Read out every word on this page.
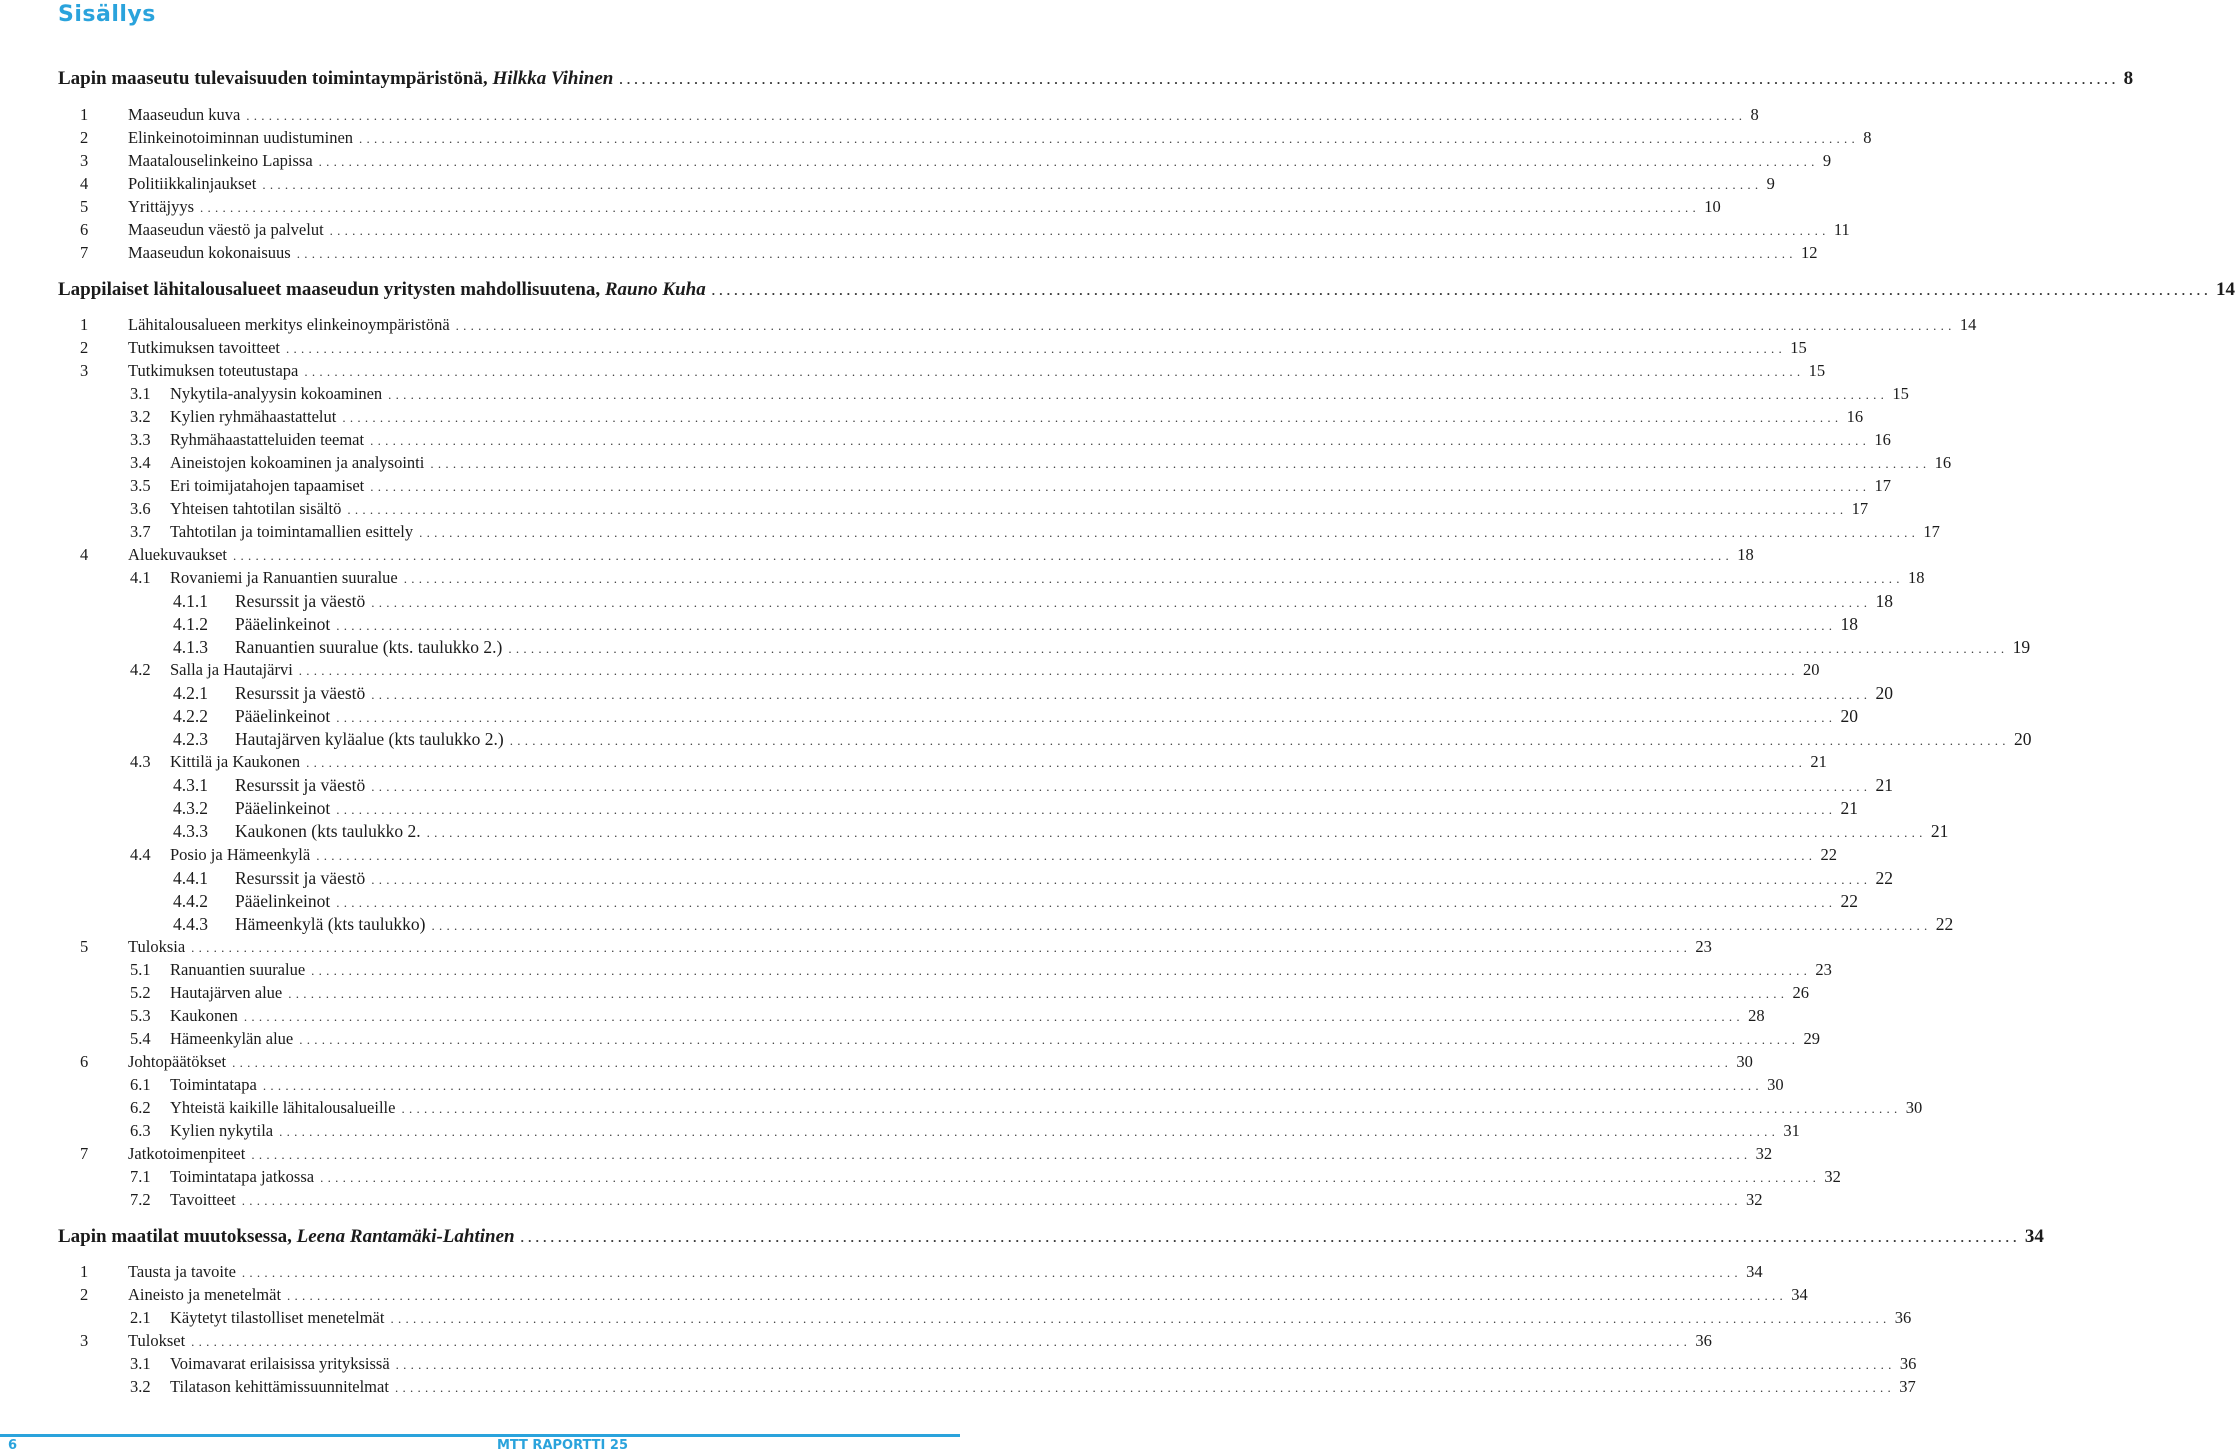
Sisällys
Lapin maaseutu tulevaisuuden toimintaympäristönä, Hilkka Vihinen . . . . . . . . . . . . . . . . . . . . . . . . . . . . . . . . . . . . . . . . . . . . . . . . . . . . . . . . . . . . . . . . . . . . . . . . . . . . . . . . . . . . . . . . . . . . . . . . . . . . . . . . . . . . . . . . . . . . . . . . . . . . . . . . . . . . . . . . . . . . . . . . . . . . . . . . . . . . . . . . . . . . . . . . . . . . . . . . . . . . . . . . . . . . . . . . . . . . . . . . 8
1	Maaseudun kuva . . . . . . . . . . . . . . . . . . . . . . . . . . . . . . . . . . . . . . . . . . . . . . . . . . . . . . . . . . . . . . . . . . . . . . . . . . . . . . . . . . . . . . . . . . . . . . . . . . . . . . . . . . . . . . . . . . . . . . . . . . . . . . . . . . . . . . . . . . . . . . . . . . . . . . . . . . . . . . . . . . . . . . . . . . . . . . . . . . . . . . . . . . . . . . . . . . . . . . . . 8
2	Elinkeinotoiminnan uudistuminen . . . . . . . . . . . . . . . . . . . . . . . . . . . . . . . . . . . . . . . . . . . . . . . . . . . . . . . . . . . . . . . . . . . . . . . . . . . . . . . . . . . . . . . . . . . . . . . . . . . . . . . . . . . . . . . . . . . . . . . . . . . . . . . . . . . . . . . . . . . . . . . . . . . . . . . . . . . . . . . . . . . . . . . . . . . . . . . . . . . . . . . . . . . . . . . . . . . . . . . . 8
3	Maatalouselinkeino Lapissa . . . . . . . . . . . . . . . . . . . . . . . . . . . . . . . . . . . . . . . . . . . . . . . . . . . . . . . . . . . . . . . . . . . . . . . . . . . . . . . . . . . . . . . . . . . . . . . . . . . . . . . . . . . . . . . . . . . . . . . . . . . . . . . . . . . . . . . . . . . . . . . . . . . . . . . . . . . . . . . . . . . . . . . . . . . . . . . . . . . . . . . . . . . . . . . . . . . . . . . . 9
4	Politiikkalinjaukset . . . . . . . . . . . . . . . . . . . . . . . . . . . . . . . . . . . . . . . . . . . . . . . . . . . . . . . . . . . . . . . . . . . . . . . . . . . . . . . . . . . . . . . . . . . . . . . . . . . . . . . . . . . . . . . . . . . . . . . . . . . . . . . . . . . . . . . . . . . . . . . . . . . . . . . . . . . . . . . . . . . . . . . . . . . . . . . . . . . . . . . . . . . . . . . . . . . . . . . . 9
5	Yrittäjyys . . . . . . . . . . . . . . . . . . . . . . . . . . . . . . . . . . . . . . . . . . . . . . . . . . . . . . . . . . . . . . . . . . . . . . . . . . . . . . . . . . . . . . . . . . . . . . . . . . . . . . . . . . . . . . . . . . . . . . . . . . . . . . . . . . . . . . . . . . . . . . . . . . . . . . . . . . . . . . . . . . . . . . . . . . . . . . . . . . . . . . . . . . . . . . . . . . . . . . . . 10
6	Maaseudun väestö ja palvelut . . . . . . . . . . . . . . . . . . . . . . . . . . . . . . . . . . . . . . . . . . . . . . . . . . . . . . . . . . . . . . . . . . . . . . . . . . . . . . . . . . . . . . . . . . . . . . . . . . . . . . . . . . . . . . . . . . . . . . . . . . . . . . . . . . . . . . . . . . . . . . . . . . . . . . . . . . . . . . . . . . . . . . . . . . . . . . . . . . . . . . . . . . . . . . . . . . . . . . . . 11
7	Maaseudun kokonaisuus . . . . . . . . . . . . . . . . . . . . . . . . . . . . . . . . . . . . . . . . . . . . . . . . . . . . . . . . . . . . . . . . . . . . . . . . . . . . . . . . . . . . . . . . . . . . . . . . . . . . . . . . . . . . . . . . . . . . . . . . . . . . . . . . . . . . . . . . . . . . . . . . . . . . . . . . . . . . . . . . . . . . . . . . . . . . . . . . . . . . . . . . . . . . . . . . . . . . . . . . 12
Lappilaiset lähitalousalueet maaseudun yritysten mahdollisuutena, Rauno Kuha . . . . . . . . . . . . . . . . . . . . . . . . . . . . . . . . . . . . . . . . . . . . . . . . . . . . . . . . . . . . . . . . . . . . . . . . . . . . . . . . . . . . . . . . . . . . . . . . . . . . . . . . . . . . . . . . . . . . . . . . . . . . . . . . . . . . . . . . . . . . . . . . . . . . . . . . . . . . . . . . . . . . . . . . . . . . . . . . . . . . . . . . . . . . . . . . . . . . . . . . 14
1	Lähitalousalueen merkitys elinkeinoympäristönä . . . . . . . . . . . . . . . . . . . . . . . . . . . . . . . . . . . . . . . . . . . . . . . . . . . . . . . . . . . . . . . . . . . . . . . . . . . . . . . . . . . . . . . . . . . . . . . . . . . . . . . . . . . . . . . . . . . . . . . . . . . . . . . . . . . . . . . . . . . . . . . . . . . . . . . . . . . . . . . . . . . . . . . . . . . . . . . . . . . . . . . . . . . . . . . . . . . . . . . . 14
2	Tutkimuksen tavoitteet . . . . . . . . . . . . . . . . . . . . . . . . . . . . . . . . . . . . . . . . . . . . . . . . . . . . . . . . . . . . . . . . . . . . . . . . . . . . . . . . . . . . . . . . . . . . . . . . . . . . . . . . . . . . . . . . . . . . . . . . . . . . . . . . . . . . . . . . . . . . . . . . . . . . . . . . . . . . . . . . . . . . . . . . . . . . . . . . . . . . . . . . . . . . . . . . . . . . . . . . 15
3	Tutkimuksen toteutustapa . . . . . . . . . . . . . . . . . . . . . . . . . . . . . . . . . . . . . . . . . . . . . . . . . . . . . . . . . . . . . . . . . . . . . . . . . . . . . . . . . . . . . . . . . . . . . . . . . . . . . . . . . . . . . . . . . . . . . . . . . . . . . . . . . . . . . . . . . . . . . . . . . . . . . . . . . . . . . . . . . . . . . . . . . . . . . . . . . . . . . . . . . . . . . . . . . . . . . . . . 15
3.1	Nykytila-analyysin kokoaminen . . . . . . . . . . . . . . . . . . . . . . . . . . . . . . . . . . . . . . . . . . . . . . . . . . . . . . . . . . . . . . . . . . . . . . . . . . . . . . . . . . . . . . . . . . . . . . . . . . . . . . . . . . . . . . . . . . . . . . . . . . . . . . . . . . . . . . . . . . . . . . . . . . . . . . . . . . . . . . . . . . . . . . . . . . . . . . . . . . . . . . . . . . . . . . . . . . . . . . . . 15
3.2	Kylien ryhmähaastattelut . . . . . . . . . . . . . . . . . . . . . . . . . . . . . . . . . . . . . . . . . . . . . . . . . . . . . . . . . . . . . . . . . . . . . . . . . . . . . . . . . . . . . . . . . . . . . . . . . . . . . . . . . . . . . . . . . . . . . . . . . . . . . . . . . . . . . . . . . . . . . . . . . . . . . . . . . . . . . . . . . . . . . . . . . . . . . . . . . . . . . . . . . . . . . . . . . . . . . . . . 16
3.3	Ryhmähaastatteluiden teemat . . . . . . . . . . . . . . . . . . . . . . . . . . . . . . . . . . . . . . . . . . . . . . . . . . . . . . . . . . . . . . . . . . . . . . . . . . . . . . . . . . . . . . . . . . . . . . . . . . . . . . . . . . . . . . . . . . . . . . . . . . . . . . . . . . . . . . . . . . . . . . . . . . . . . . . . . . . . . . . . . . . . . . . . . . . . . . . . . . . . . . . . . . . . . . . . . . . . . . . . 16
3.4	Aineistojen kokoaminen ja analysointi . . . . . . . . . . . . . . . . . . . . . . . . . . . . . . . . . . . . . . . . . . . . . . . . . . . . . . . . . . . . . . . . . . . . . . . . . . . . . . . . . . . . . . . . . . . . . . . . . . . . . . . . . . . . . . . . . . . . . . . . . . . . . . . . . . . . . . . . . . . . . . . . . . . . . . . . . . . . . . . . . . . . . . . . . . . . . . . . . . . . . . . . . . . . . . . . . . . . . . . . 16
3.5	Eri toimijatahojen tapaamiset . . . . . . . . . . . . . . . . . . . . . . . . . . . . . . . . . . . . . . . . . . . . . . . . . . . . . . . . . . . . . . . . . . . . . . . . . . . . . . . . . . . . . . . . . . . . . . . . . . . . . . . . . . . . . . . . . . . . . . . . . . . . . . . . . . . . . . . . . . . . . . . . . . . . . . . . . . . . . . . . . . . . . . . . . . . . . . . . . . . . . . . . . . . . . . . . . . . . . . . . 17
3.6	Yhteisen tahtotilan sisältö . . . . . . . . . . . . . . . . . . . . . . . . . . . . . . . . . . . . . . . . . . . . . . . . . . . . . . . . . . . . . . . . . . . . . . . . . . . . . . . . . . . . . . . . . . . . . . . . . . . . . . . . . . . . . . . . . . . . . . . . . . . . . . . . . . . . . . . . . . . . . . . . . . . . . . . . . . . . . . . . . . . . . . . . . . . . . . . . . . . . . . . . . . . . . . . . . . . . . . . . 17
3.7	Tahtotilan ja toimintamallien esittely . . . . . . . . . . . . . . . . . . . . . . . . . . . . . . . . . . . . . . . . . . . . . . . . . . . . . . . . . . . . . . . . . . . . . . . . . . . . . . . . . . . . . . . . . . . . . . . . . . . . . . . . . . . . . . . . . . . . . . . . . . . . . . . . . . . . . . . . . . . . . . . . . . . . . . . . . . . . . . . . . . . . . . . . . . . . . . . . . . . . . . . . . . . . . . . . . . . . . . . . 17
4	Aluekuvaukset . . . . . . . . . . . . . . . . . . . . . . . . . . . . . . . . . . . . . . . . . . . . . . . . . . . . . . . . . . . . . . . . . . . . . . . . . . . . . . . . . . . . . . . . . . . . . . . . . . . . . . . . . . . . . . . . . . . . . . . . . . . . . . . . . . . . . . . . . . . . . . . . . . . . . . . . . . . . . . . . . . . . . . . . . . . . . . . . . . . . . . . . . . . . . . . . . . . . . . . . 18
4.1	Rovaniemi ja Ranuantien suuralue . . . . . . . . . . . . . . . . . . . . . . . . . . . . . . . . . . . . . . . . . . . . . . . . . . . . . . . . . . . . . . . . . . . . . . . . . . . . . . . . . . . . . . . . . . . . . . . . . . . . . . . . . . . . . . . . . . . . . . . . . . . . . . . . . . . . . . . . . . . . . . . . . . . . . . . . . . . . . . . . . . . . . . . . . . . . . . . . . . . . . . . . . . . . . . . . . . . . . . . . 18
4.1.1	Resurssit ja väestö . . . . . . . . . . . . . . . . . . . . . . . . . . . . . . . . . . . . . . . . . . . . . . . . . . . . . . . . . . . . . . . . . . . . . . . . . . . . . . . . . . . . . . . . . . . . . . . . . . . . . . . . . . . . . . . . . . . . . . . . . . . . . . . . . . . . . . . . . . . . . . . . . . . . . . . . . . . . . . . . . . . . . . . . . . . . . . . . . . . . . . . . . . . . . . . . . . . . . . . . 18
4.1.2	Pääelinkeinot . . . . . . . . . . . . . . . . . . . . . . . . . . . . . . . . . . . . . . . . . . . . . . . . . . . . . . . . . . . . . . . . . . . . . . . . . . . . . . . . . . . . . . . . . . . . . . . . . . . . . . . . . . . . . . . . . . . . . . . . . . . . . . . . . . . . . . . . . . . . . . . . . . . . . . . . . . . . . . . . . . . . . . . . . . . . . . . . . . . . . . . . . . . . . . . . . . . . . . . . 18
4.1.3	Ranuantien suuralue (kts. taulukko 2.) . . . . . . . . . . . . . . . . . . . . . . . . . . . . . . . . . . . . . . . . . . . . . . . . . . . . . . . . . . . . . . . . . . . . . . . . . . . . . . . . . . . . . . . . . . . . . . . . . . . . . . . . . . . . . . . . . . . . . . . . . . . . . . . . . . . . . . . . . . . . . . . . . . . . . . . . . . . . . . . . . . . . . . . . . . . . . . . . . . . . . . . . . . . . . . . . . . . . . . . . 19
4.2	Salla ja Hautajärvi . . . . . . . . . . . . . . . . . . . . . . . . . . . . . . . . . . . . . . . . . . . . . . . . . . . . . . . . . . . . . . . . . . . . . . . . . . . . . . . . . . . . . . . . . . . . . . . . . . . . . . . . . . . . . . . . . . . . . . . . . . . . . . . . . . . . . . . . . . . . . . . . . . . . . . . . . . . . . . . . . . . . . . . . . . . . . . . . . . . . . . . . . . . . . . . . . . . . . . . . 20
4.2.1	Resurssit ja väestö . . . . . . . . . . . . . . . . . . . . . . . . . . . . . . . . . . . . . . . . . . . . . . . . . . . . . . . . . . . . . . . . . . . . . . . . . . . . . . . . . . . . . . . . . . . . . . . . . . . . . . . . . . . . . . . . . . . . . . . . . . . . . . . . . . . . . . . . . . . . . . . . . . . . . . . . . . . . . . . . . . . . . . . . . . . . . . . . . . . . . . . . . . . . . . . . . . . . . . . . 20
4.2.2	Pääelinkeinot . . . . . . . . . . . . . . . . . . . . . . . . . . . . . . . . . . . . . . . . . . . . . . . . . . . . . . . . . . . . . . . . . . . . . . . . . . . . . . . . . . . . . . . . . . . . . . . . . . . . . . . . . . . . . . . . . . . . . . . . . . . . . . . . . . . . . . . . . . . . . . . . . . . . . . . . . . . . . . . . . . . . . . . . . . . . . . . . . . . . . . . . . . . . . . . . . . . . . . . . 20
4.2.3	Hautajärven kyläalue (kts taulukko 2.) . . . . . . . . . . . . . . . . . . . . . . . . . . . . . . . . . . . . . . . . . . . . . . . . . . . . . . . . . . . . . . . . . . . . . . . . . . . . . . . . . . . . . . . . . . . . . . . . . . . . . . . . . . . . . . . . . . . . . . . . . . . . . . . . . . . . . . . . . . . . . . . . . . . . . . . . . . . . . . . . . . . . . . . . . . . . . . . . . . . . . . . . . . . . . . . . . . . . . . . . 20
4.3	Kittilä ja Kaukonen . . . . . . . . . . . . . . . . . . . . . . . . . . . . . . . . . . . . . . . . . . . . . . . . . . . . . . . . . . . . . . . . . . . . . . . . . . . . . . . . . . . . . . . . . . . . . . . . . . . . . . . . . . . . . . . . . . . . . . . . . . . . . . . . . . . . . . . . . . . . . . . . . . . . . . . . . . . . . . . . . . . . . . . . . . . . . . . . . . . . . . . . . . . . . . . . . . . . . . . . 21
4.3.1	Resurssit ja väestö . . . . . . . . . . . . . . . . . . . . . . . . . . . . . . . . . . . . . . . . . . . . . . . . . . . . . . . . . . . . . . . . . . . . . . . . . . . . . . . . . . . . . . . . . . . . . . . . . . . . . . . . . . . . . . . . . . . . . . . . . . . . . . . . . . . . . . . . . . . . . . . . . . . . . . . . . . . . . . . . . . . . . . . . . . . . . . . . . . . . . . . . . . . . . . . . . . . . . . . . 21
4.3.2	Pääelinkeinot . . . . . . . . . . . . . . . . . . . . . . . . . . . . . . . . . . . . . . . . . . . . . . . . . . . . . . . . . . . . . . . . . . . . . . . . . . . . . . . . . . . . . . . . . . . . . . . . . . . . . . . . . . . . . . . . . . . . . . . . . . . . . . . . . . . . . . . . . . . . . . . . . . . . . . . . . . . . . . . . . . . . . . . . . . . . . . . . . . . . . . . . . . . . . . . . . . . . . . . . 21
4.3.3	Kaukonen (kts taulukko 2. . . . . . . . . . . . . . . . . . . . . . . . . . . . . . . . . . . . . . . . . . . . . . . . . . . . . . . . . . . . . . . . . . . . . . . . . . . . . . . . . . . . . . . . . . . . . . . . . . . . . . . . . . . . . . . . . . . . . . . . . . . . . . . . . . . . . . . . . . . . . . . . . . . . . . . . . . . . . . . . . . . . . . . . . . . . . . . . . . . . . . . . . . . . . . . . . . . . . . . . . 21
4.4	Posio ja Hämeenkylä . . . . . . . . . . . . . . . . . . . . . . . . . . . . . . . . . . . . . . . . . . . . . . . . . . . . . . . . . . . . . . . . . . . . . . . . . . . . . . . . . . . . . . . . . . . . . . . . . . . . . . . . . . . . . . . . . . . . . . . . . . . . . . . . . . . . . . . . . . . . . . . . . . . . . . . . . . . . . . . . . . . . . . . . . . . . . . . . . . . . . . . . . . . . . . . . . . . . . . . . 22
4.4.1	Resurssit ja väestö . . . . . . . . . . . . . . . . . . . . . . . . . . . . . . . . . . . . . . . . . . . . . . . . . . . . . . . . . . . . . . . . . . . . . . . . . . . . . . . . . . . . . . . . . . . . . . . . . . . . . . . . . . . . . . . . . . . . . . . . . . . . . . . . . . . . . . . . . . . . . . . . . . . . . . . . . . . . . . . . . . . . . . . . . . . . . . . . . . . . . . . . . . . . . . . . . . . . . . . . 22
4.4.2	Pääelinkeinot . . . . . . . . . . . . . . . . . . . . . . . . . . . . . . . . . . . . . . . . . . . . . . . . . . . . . . . . . . . . . . . . . . . . . . . . . . . . . . . . . . . . . . . . . . . . . . . . . . . . . . . . . . . . . . . . . . . . . . . . . . . . . . . . . . . . . . . . . . . . . . . . . . . . . . . . . . . . . . . . . . . . . . . . . . . . . . . . . . . . . . . . . . . . . . . . . . . . . . . . 22
4.4.3	Hämeenkylä (kts taulukko) . . . . . . . . . . . . . . . . . . . . . . . . . . . . . . . . . . . . . . . . . . . . . . . . . . . . . . . . . . . . . . . . . . . . . . . . . . . . . . . . . . . . . . . . . . . . . . . . . . . . . . . . . . . . . . . . . . . . . . . . . . . . . . . . . . . . . . . . . . . . . . . . . . . . . . . . . . . . . . . . . . . . . . . . . . . . . . . . . . . . . . . . . . . . . . . . . . . . . . . . 22
5	Tuloksia . . . . . . . . . . . . . . . . . . . . . . . . . . . . . . . . . . . . . . . . . . . . . . . . . . . . . . . . . . . . . . . . . . . . . . . . . . . . . . . . . . . . . . . . . . . . . . . . . . . . . . . . . . . . . . . . . . . . . . . . . . . . . . . . . . . . . . . . . . . . . . . . . . . . . . . . . . . . . . . . . . . . . . . . . . . . . . . . . . . . . . . . . . . . . . . . . . . . . . . . 23
5.1	Ranuantien suuralue . . . . . . . . . . . . . . . . . . . . . . . . . . . . . . . . . . . . . . . . . . . . . . . . . . . . . . . . . . . . . . . . . . . . . . . . . . . . . . . . . . . . . . . . . . . . . . . . . . . . . . . . . . . . . . . . . . . . . . . . . . . . . . . . . . . . . . . . . . . . . . . . . . . . . . . . . . . . . . . . . . . . . . . . . . . . . . . . . . . . . . . . . . . . . . . . . . . . . . . . 23
5.2	Hautajärven alue . . . . . . . . . . . . . . . . . . . . . . . . . . . . . . . . . . . . . . . . . . . . . . . . . . . . . . . . . . . . . . . . . . . . . . . . . . . . . . . . . . . . . . . . . . . . . . . . . . . . . . . . . . . . . . . . . . . . . . . . . . . . . . . . . . . . . . . . . . . . . . . . . . . . . . . . . . . . . . . . . . . . . . . . . . . . . . . . . . . . . . . . . . . . . . . . . . . . . . . . 26
5.3	Kaukonen . . . . . . . . . . . . . . . . . . . . . . . . . . . . . . . . . . . . . . . . . . . . . . . . . . . . . . . . . . . . . . . . . . . . . . . . . . . . . . . . . . . . . . . . . . . . . . . . . . . . . . . . . . . . . . . . . . . . . . . . . . . . . . . . . . . . . . . . . . . . . . . . . . . . . . . . . . . . . . . . . . . . . . . . . . . . . . . . . . . . . . . . . . . . . . . . . . . . . . . . 28
5.4	Hämeenkylän alue . . . . . . . . . . . . . . . . . . . . . . . . . . . . . . . . . . . . . . . . . . . . . . . . . . . . . . . . . . . . . . . . . . . . . . . . . . . . . . . . . . . . . . . . . . . . . . . . . . . . . . . . . . . . . . . . . . . . . . . . . . . . . . . . . . . . . . . . . . . . . . . . . . . . . . . . . . . . . . . . . . . . . . . . . . . . . . . . . . . . . . . . . . . . . . . . . . . . . . . . 29
6	Johtopäätökset . . . . . . . . . . . . . . . . . . . . . . . . . . . . . . . . . . . . . . . . . . . . . . . . . . . . . . . . . . . . . . . . . . . . . . . . . . . . . . . . . . . . . . . . . . . . . . . . . . . . . . . . . . . . . . . . . . . . . . . . . . . . . . . . . . . . . . . . . . . . . . . . . . . . . . . . . . . . . . . . . . . . . . . . . . . . . . . . . . . . . . . . . . . . . . . . . . . . . . . . 30
6.1	Toimintatapa . . . . . . . . . . . . . . . . . . . . . . . . . . . . . . . . . . . . . . . . . . . . . . . . . . . . . . . . . . . . . . . . . . . . . . . . . . . . . . . . . . . . . . . . . . . . . . . . . . . . . . . . . . . . . . . . . . . . . . . . . . . . . . . . . . . . . . . . . . . . . . . . . . . . . . . . . . . . . . . . . . . . . . . . . . . . . . . . . . . . . . . . . . . . . . . . . . . . . . . . 30
6.2	Yhteistä kaikille lähitalousalueille . . . . . . . . . . . . . . . . . . . . . . . . . . . . . . . . . . . . . . . . . . . . . . . . . . . . . . . . . . . . . . . . . . . . . . . . . . . . . . . . . . . . . . . . . . . . . . . . . . . . . . . . . . . . . . . . . . . . . . . . . . . . . . . . . . . . . . . . . . . . . . . . . . . . . . . . . . . . . . . . . . . . . . . . . . . . . . . . . . . . . . . . . . . . . . . . . . . . . . . . 30
6.3	Kylien nykytila . . . . . . . . . . . . . . . . . . . . . . . . . . . . . . . . . . . . . . . . . . . . . . . . . . . . . . . . . . . . . . . . . . . . . . . . . . . . . . . . . . . . . . . . . . . . . . . . . . . . . . . . . . . . . . . . . . . . . . . . . . . . . . . . . . . . . . . . . . . . . . . . . . . . . . . . . . . . . . . . . . . . . . . . . . . . . . . . . . . . . . . . . . . . . . . . . . . . . . . . 31
7	Jatkotoimenpiteet . . . . . . . . . . . . . . . . . . . . . . . . . . . . . . . . . . . . . . . . . . . . . . . . . . . . . . . . . . . . . . . . . . . . . . . . . . . . . . . . . . . . . . . . . . . . . . . . . . . . . . . . . . . . . . . . . . . . . . . . . . . . . . . . . . . . . . . . . . . . . . . . . . . . . . . . . . . . . . . . . . . . . . . . . . . . . . . . . . . . . . . . . . . . . . . . . . . . . . . . 32
7.1	Toimintatapa jatkossa . . . . . . . . . . . . . . . . . . . . . . . . . . . . . . . . . . . . . . . . . . . . . . . . . . . . . . . . . . . . . . . . . . . . . . . . . . . . . . . . . . . . . . . . . . . . . . . . . . . . . . . . . . . . . . . . . . . . . . . . . . . . . . . . . . . . . . . . . . . . . . . . . . . . . . . . . . . . . . . . . . . . . . . . . . . . . . . . . . . . . . . . . . . . . . . . . . . . . . . . 32
7.2	Tavoitteet . . . . . . . . . . . . . . . . . . . . . . . . . . . . . . . . . . . . . . . . . . . . . . . . . . . . . . . . . . . . . . . . . . . . . . . . . . . . . . . . . . . . . . . . . . . . . . . . . . . . . . . . . . . . . . . . . . . . . . . . . . . . . . . . . . . . . . . . . . . . . . . . . . . . . . . . . . . . . . . . . . . . . . . . . . . . . . . . . . . . . . . . . . . . . . . . . . . . . . . . 32
Lapin maatilat muutoksessa, Leena Rantamäki-Lahtinen . . . . . . . . . . . . . . . . . . . . . . . . . . . . . . . . . . . . . . . . . . . . . . . . . . . . . . . . . . . . . . . . . . . . . . . . . . . . . . . . . . . . . . . . . . . . . . . . . . . . . . . . . . . . . . . . . . . . . . . . . . . . . . . . . . . . . . . . . . . . . . . . . . . . . . . . . . . . . . . . . . . . . . . . . . . . . . . . . . . . . . . . . . . . . . . . . . . . . . . . 34
1	Tausta ja tavoite . . . . . . . . . . . . . . . . . . . . . . . . . . . . . . . . . . . . . . . . . . . . . . . . . . . . . . . . . . . . . . . . . . . . . . . . . . . . . . . . . . . . . . . . . . . . . . . . . . . . . . . . . . . . . . . . . . . . . . . . . . . . . . . . . . . . . . . . . . . . . . . . . . . . . . . . . . . . . . . . . . . . . . . . . . . . . . . . . . . . . . . . . . . . . . . . . . . . . . . . 34
2	Aineisto ja menetelmät . . . . . . . . . . . . . . . . . . . . . . . . . . . . . . . . . . . . . . . . . . . . . . . . . . . . . . . . . . . . . . . . . . . . . . . . . . . . . . . . . . . . . . . . . . . . . . . . . . . . . . . . . . . . . . . . . . . . . . . . . . . . . . . . . . . . . . . . . . . . . . . . . . . . . . . . . . . . . . . . . . . . . . . . . . . . . . . . . . . . . . . . . . . . . . . . . . . . . . . . 34
2.1	Käytetyt tilastolliset menetelmät . . . . . . . . . . . . . . . . . . . . . . . . . . . . . . . . . . . . . . . . . . . . . . . . . . . . . . . . . . . . . . . . . . . . . . . . . . . . . . . . . . . . . . . . . . . . . . . . . . . . . . . . . . . . . . . . . . . . . . . . . . . . . . . . . . . . . . . . . . . . . . . . . . . . . . . . . . . . . . . . . . . . . . . . . . . . . . . . . . . . . . . . . . . . . . . . . . . . . . . . 36
3	Tulokset . . . . . . . . . . . . . . . . . . . . . . . . . . . . . . . . . . . . . . . . . . . . . . . . . . . . . . . . . . . . . . . . . . . . . . . . . . . . . . . . . . . . . . . . . . . . . . . . . . . . . . . . . . . . . . . . . . . . . . . . . . . . . . . . . . . . . . . . . . . . . . . . . . . . . . . . . . . . . . . . . . . . . . . . . . . . . . . . . . . . . . . . . . . . . . . . . . . . . . . . 36
3.1	Voimavarat erilaisissa yrityksissä . . . . . . . . . . . . . . . . . . . . . . . . . . . . . . . . . . . . . . . . . . . . . . . . . . . . . . . . . . . . . . . . . . . . . . . . . . . . . . . . . . . . . . . . . . . . . . . . . . . . . . . . . . . . . . . . . . . . . . . . . . . . . . . . . . . . . . . . . . . . . . . . . . . . . . . . . . . . . . . . . . . . . . . . . . . . . . . . . . . . . . . . . . . . . . . . . . . . . . . . 36
3.2	Tilatason kehittämissuunnitelmat . . . . . . . . . . . . . . . . . . . . . . . . . . . . . . . . . . . . . . . . . . . . . . . . . . . . . . . . . . . . . . . . . . . . . . . . . . . . . . . . . . . . . . . . . . . . . . . . . . . . . . . . . . . . . . . . . . . . . . . . . . . . . . . . . . . . . . . . . . . . . . . . . . . . . . . . . . . . . . . . . . . . . . . . . . . . . . . . . . . . . . . . . . . . . . . . . . . . . . . . 37
6	MTT RAPORTTI 25
